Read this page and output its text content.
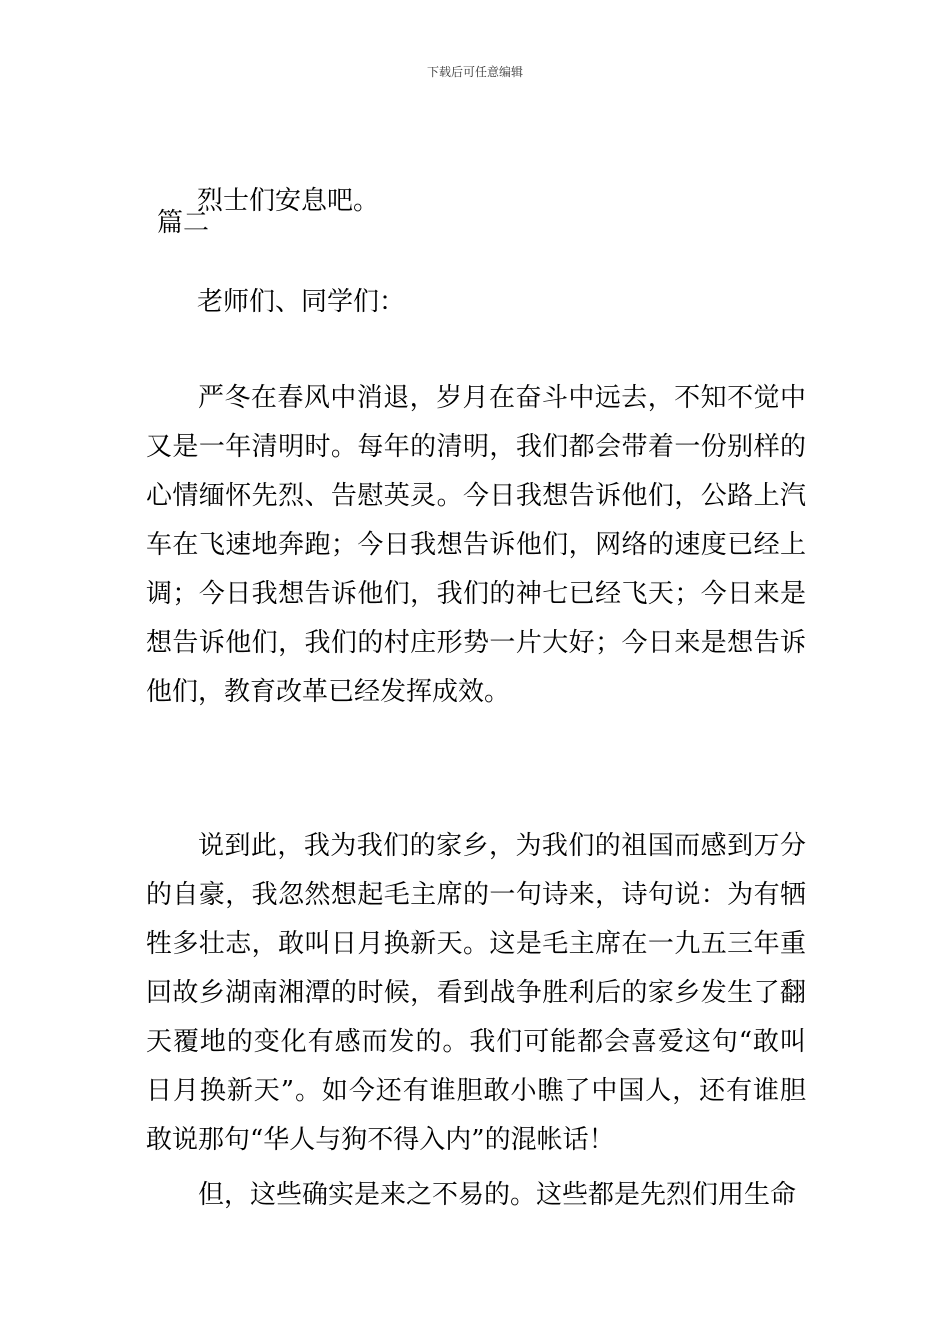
下载后可任意编辑

烈士们安息吧。

篇二

老师们、同学们：

严冬在春风中消退，岁月在奋斗中远去，不知不觉中又是一年清明时。每年的清明，我们都会带着一份别样的心情缅怀先烈、告慰英灵。今日我想告诉他们，公路上汽车在飞速地奔跑；今日我想告诉他们，网络的速度已经上调；今日我想告诉他们，我们的神七已经飞天；今日来是想告诉他们，我们的村庄形势一片大好；今日来是想告诉他们，教育改革已经发挥成效。

说到此，我为我们的家乡，为我们的祖国而感到万分的自豪，我忽然想起毛主席的一句诗来，诗句说：为有牺牲多壮志，敢叫日月换新天。这是毛主席在一九五三年重回故乡湖南湘潭的时候，看到战争胜利后的家乡发生了翻天覆地的变化有感而发的。我们可能都会喜爱这句“敢叫日月换新天”。如今还有谁胆敢小瞧了中国人，还有谁胆敢说那句“华人与狗不得入内”的混帐话！

但，这些确实是来之不易的。这些都是先烈们用生命
